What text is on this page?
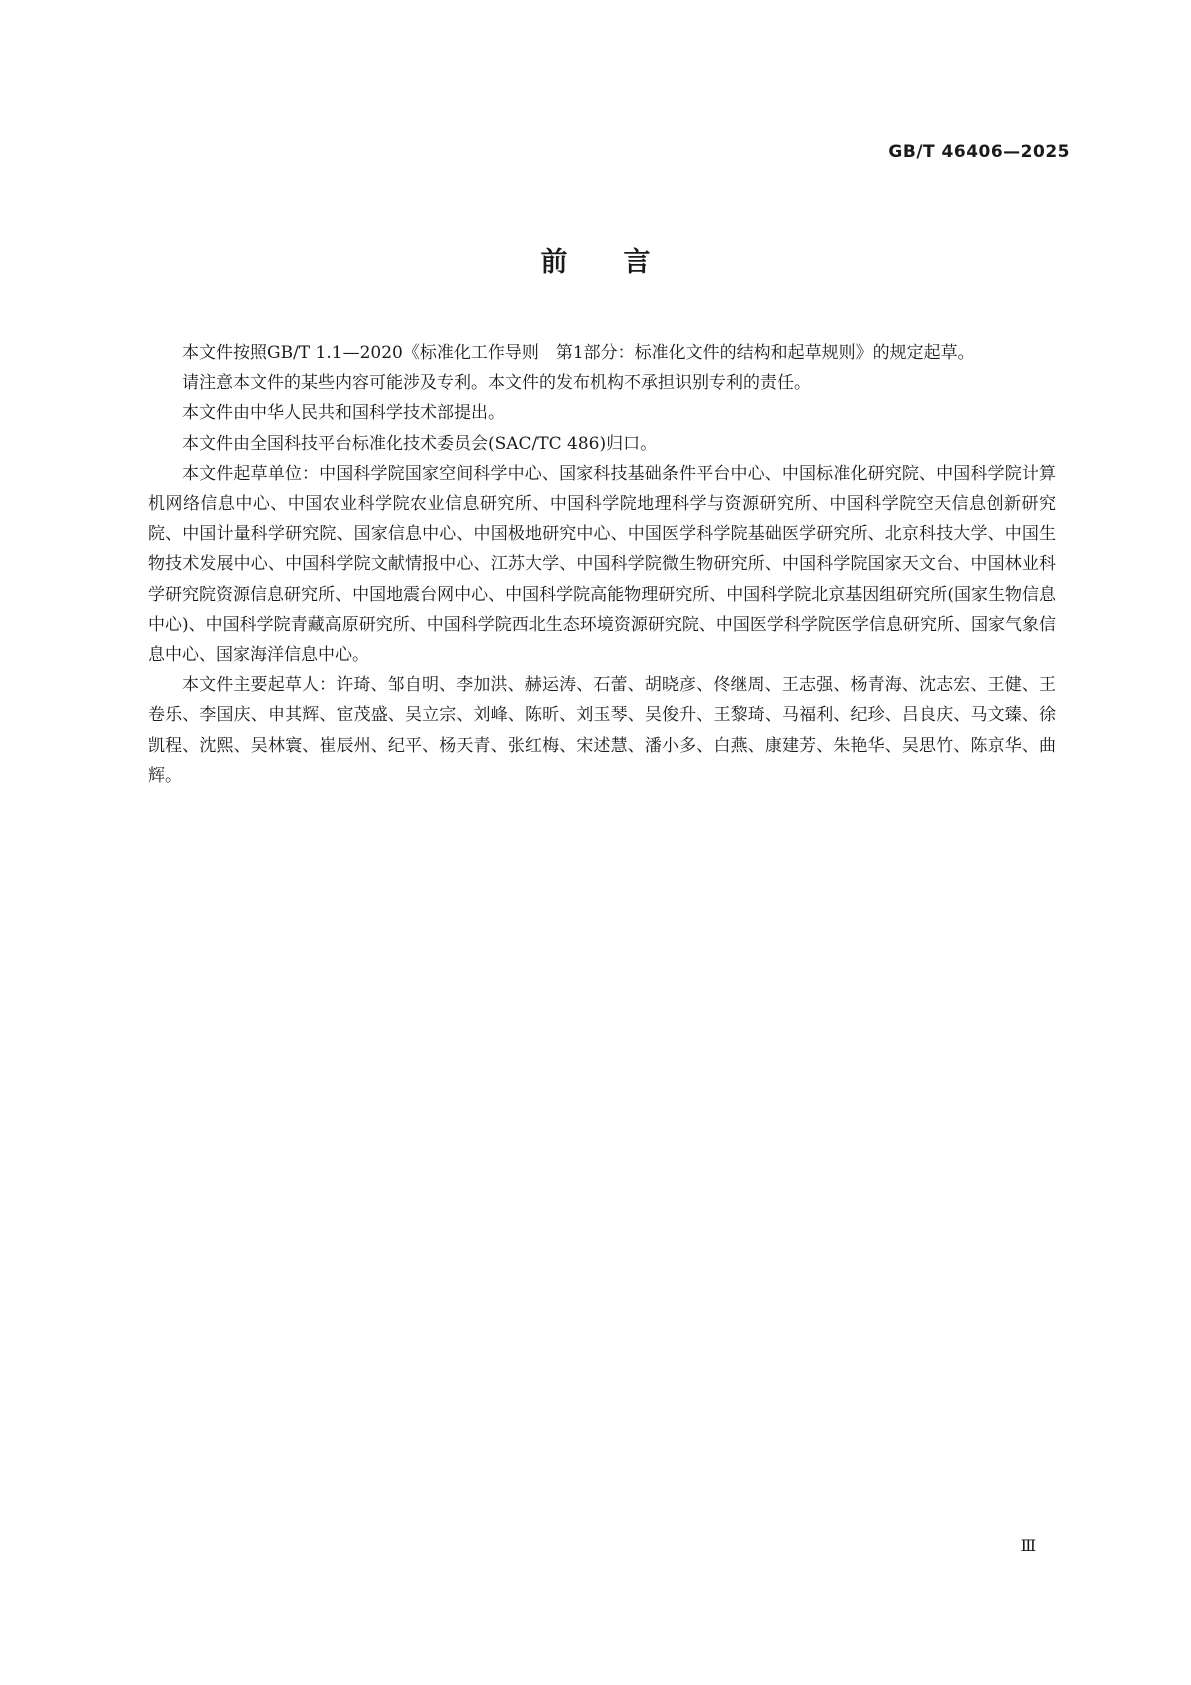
GB/T 46406—2025
前言

本文件按照GB/T 1.1—2020《标准化工作导则　第1部分：标准化文件的结构和起草规则》的规定起草。

请注意本文件的某些内容可能涉及专利。本文件的发布机构不承担识别专利的责任。

本文件由中华人民共和国科学技术部提出。

本文件由全国科技平台标准化技术委员会(SAC/TC 486)归口。

本文件起草单位：中国科学院国家空间科学中心、国家科技基础条件平台中心、中国标准化研究院、中国科学院计算机网络信息中心、中国农业科学院农业信息研究所、中国科学院地理科学与资源研究所、中国科学院空天信息创新研究院、中国计量科学研究院、国家信息中心、中国极地研究中心、中国医学科学院基础医学研究所、北京科技大学、中国生物技术发展中心、中国科学院文献情报中心、江苏大学、中国科学院微生物研究所、中国科学院国家天文台、中国林业科学研究院资源信息研究所、中国地震台网中心、中国科学院高能物理研究所、中国科学院北京基因组研究所(国家生物信息中心)、中国科学院青藏高原研究所、中国科学院西北生态环境资源研究院、中国医学科学院医学信息研究所、国家气象信息中心、国家海洋信息中心。

本文件主要起草人：许琦、邹自明、李加洪、赫运涛、石蕾、胡晓彦、佟继周、王志强、杨青海、沈志宏、王健、王卷乐、李国庆、申其辉、宦茂盛、吴立宗、刘峰、陈昕、刘玉琴、吴俊升、王黎琦、马福利、纪珍、吕良庆、马文臻、徐凯程、沈熙、吴林寰、崔辰州、纪平、杨天青、张红梅、宋述慧、潘小多、白燕、康建芳、朱艳华、吴思竹、陈京华、曲辉。

Ⅲ
